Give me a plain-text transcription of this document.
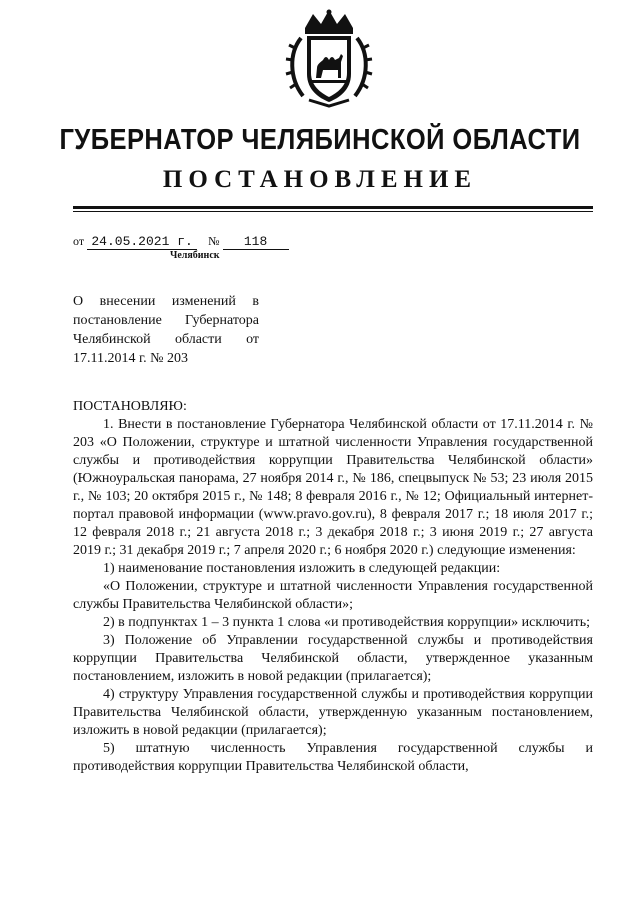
ГУБЕРНАТОР ЧЕЛЯБИНСКОЙ ОБЛАСТИ
ПОСТАНОВЛЕНИЕ
от 24.05.2021 г. № 118
Челябинск
О внесении изменений в постановление Губернатора Челябинской области от 17.11.2014 г. № 203

ПОСТАНОВЛЯЮ:

1. Внести в постановление Губернатора Челябинской области от 17.11.2014 г. № 203 «О Положении, структуре и штатной численности Управления государственной службы и противодействия коррупции Правительства Челябинской области» (Южноуральская панорама, 27 ноября 2014 г., № 186, спецвыпуск № 53; 23 июля 2015 г., № 103; 20 октября 2015 г., № 148; 8 февраля 2016 г., № 12; Официальный интернет-портал правовой информации (www.pravo.gov.ru), 8 февраля 2017 г.; 18 июля 2017 г.; 12 февраля 2018 г.; 21 августа 2018 г.; 3 декабря 2018 г.; 3 июня 2019 г.; 27 августа 2019 г.; 31 декабря 2019 г.; 7 апреля 2020 г.; 6 ноября 2020 г.) следующие изменения:

1) наименование постановления изложить в следующей редакции:

«О Положении, структуре и штатной численности Управления государственной службы Правительства Челябинской области»;

2) в подпунктах 1 – 3 пункта 1 слова «и противодействия коррупции» исключить;

3) Положение об Управлении государственной службы и противодействия коррупции Правительства Челябинской области, утвержденное указанным постановлением, изложить в новой редакции (прилагается);

4) структуру Управления государственной службы и противодействия коррупции Правительства Челябинской области, утвержденную указанным постановлением, изложить в новой редакции (прилагается);

5) штатную численность Управления государственной службы и противодействия коррупции Правительства Челябинской области,
